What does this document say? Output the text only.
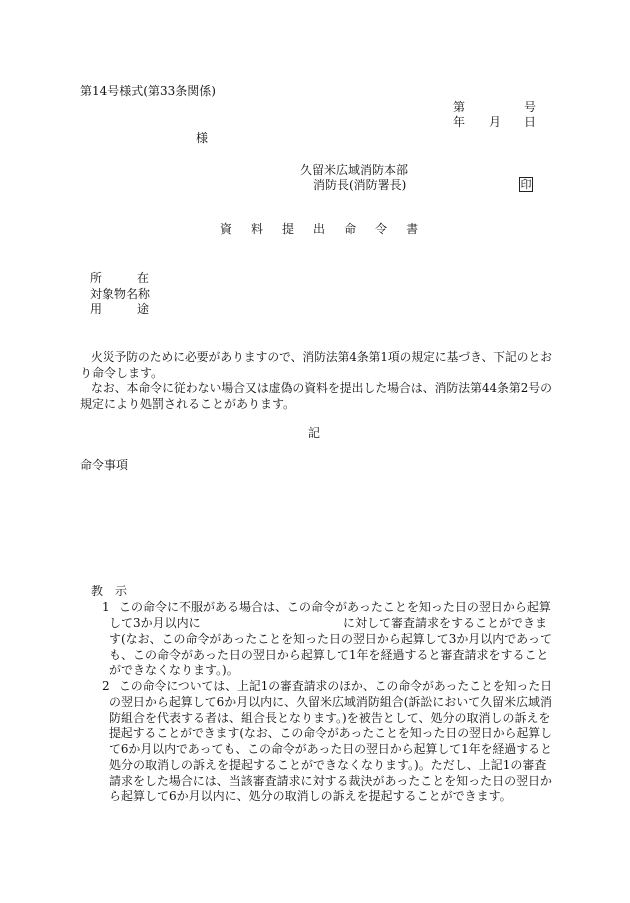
第14号様式(第33条関係)
第	号
年 月 日
様
久留米広域消防本部
消防長(消防署長)	印
資 料 提 出 命 令 書
所	在
対象物名称
用	途
火災予防のために必要がありますので、消防法第4条第1項の規定に基づき、下記のとお
り命令します。
なお、本命令に従わない場合又は虚偽の資料を提出した場合は、消防法第44条第2号の
規定により処罰されることがあります。
記
命令事項
教　示
1 この命令に不服がある場合は、この命令があったことを知った日の翌日から起算
して3か月以内に	に対して審査請求をすることができま
す(なお、この命令があったことを知った日の翌日から起算して3か月以内であって
も、この命令があった日の翌日から起算して1年を経過すると審査請求をすること
ができなくなります。)。
2 この命令については、上記1の審査請求のほか、この命令があったことを知った日
の翌日から起算して6か月以内に、久留米広域消防組合(訴訟において久留米広域消
防組合を代表する者は、組合長となります。)を被告として、処分の取消しの訴えを
提起することができます(なお、この命令があったことを知った日の翌日から起算し
て6か月以内であっても、この命令があった日の翌日から起算して1年を経過すると
処分の取消しの訴えを提起することができなくなります。)。ただし、上記1の審査
請求をした場合には、当該審査請求に対する裁決があったことを知った日の翌日か
ら起算して6か月以内に、処分の取消しの訴えを提起することができます。
